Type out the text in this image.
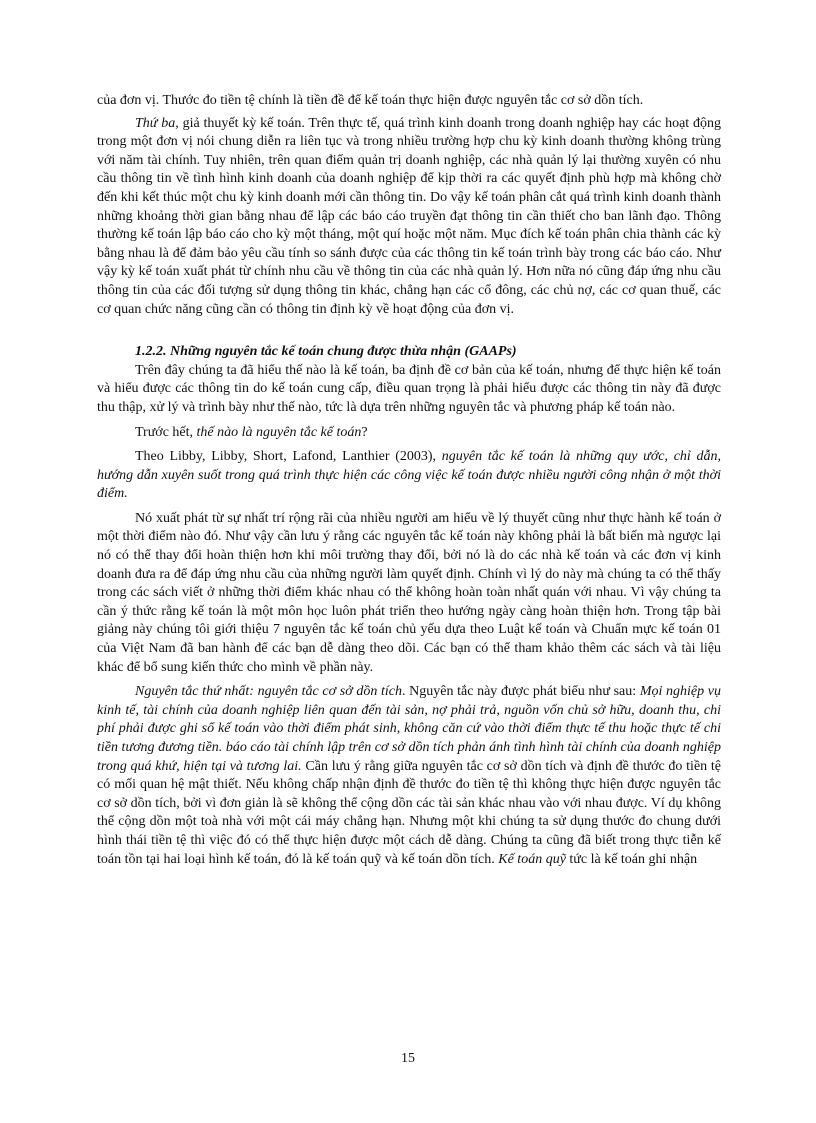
của đơn vị. Thước đo tiền tệ chính là tiền đề để kế toán thực hiện được nguyên tắc cơ sở dồn tích.

Thứ ba, giả thuyết kỳ kế toán. Trên thực tế, quá trình kinh doanh trong doanh nghiệp hay các hoạt động trong một đơn vị nói chung diễn ra liên tục và trong nhiều trường hợp chu kỳ kinh doanh thường không trùng với năm tài chính. Tuy nhiên, trên quan điểm quản trị doanh nghiệp, các nhà quản lý lại thường xuyên có nhu cầu thông tin về tình hình kinh doanh của doanh nghiệp để kịp thời ra các quyết định phù hợp mà không chờ đến khi kết thúc một chu kỳ kinh doanh mới cần thông tin. Do vậy kế toán phân cắt quá trình kinh doanh thành những khoảng thời gian bằng nhau để lập các báo cáo truyền đạt thông tin cần thiết cho ban lãnh đạo. Thông thường kế toán lập báo cáo cho kỳ một tháng, một quí hoặc một năm. Mục đích kế toán phân chia thành các kỳ bằng nhau là để đảm bảo yêu cầu tính so sánh được của các thông tin kế toán trình bày trong các báo cáo. Như vậy kỳ kế toán xuất phát từ chính nhu cầu về thông tin của các nhà quản lý. Hơn nữa nó cũng đáp ứng nhu cầu thông tin của các đối tượng sử dụng thông tin khác, chẳng hạn các cổ đông, các chủ nợ, các cơ quan thuế, các cơ quan chức năng cũng cần có thông tin định kỳ về hoạt động của đơn vị.

1.2.2. Những nguyên tắc kế toán chung được thừa nhận (GAAPs)

Trên đây chúng ta đã hiểu thế nào là kế toán, ba định đề cơ bản của kế toán, nhưng để thực hiện kế toán và hiểu được các thông tin do kế toán cung cấp, điều quan trọng là phải hiểu được các thông tin này đã được thu thập, xử lý và trình bày như thế nào, tức là dựa trên những nguyên tắc và phương pháp kế toán nào.

Trước hết, thế nào là nguyên tắc kế toán?

Theo Libby, Libby, Short, Lafond, Lanthier (2003), nguyên tắc kế toán là những quy ước, chỉ dẫn, hướng dẫn xuyên suốt trong quá trình thực hiện các công việc kế toán được nhiều người công nhận ở một thời điểm.

Nó xuất phát từ sự nhất trí rộng rãi của nhiều người am hiểu về lý thuyết cũng như thực hành kế toán ở một thời điểm nào đó. Như vậy cần lưu ý rằng các nguyên tắc kế toán này không phải là bất biến mà ngược lại nó có thể thay đổi hoàn thiện hơn khi môi trường thay đổi, bởi nó là do các nhà kế toán và các đơn vị kinh doanh đưa ra để đáp ứng nhu cầu của những người làm quyết định. Chính vì lý do này mà chúng ta có thể thấy trong các sách viết ở những thời điểm khác nhau có thể không hoàn toàn nhất quán với nhau. Vì vậy chúng ta cần ý thức rằng kế toán là một môn học luôn phát triển theo hướng ngày càng hoàn thiện hơn. Trong tập bài giảng này chúng tôi giới thiệu 7 nguyên tắc kế toán chủ yếu dựa theo Luật kế toán và Chuẩn mực kế toán 01 của Việt Nam đã ban hành để các bạn dễ dàng theo dõi. Các bạn có thể tham khảo thêm các sách và tài liệu khác để bổ sung kiến thức cho mình về phần này.

Nguyên tắc thứ nhất: nguyên tắc cơ sở dồn tích. Nguyên tắc này được phát biểu như sau: Mọi nghiệp vụ kinh tế, tài chính của doanh nghiệp liên quan đến tài sản, nợ phải trả, nguồn vốn chủ sở hữu, doanh thu, chi phí phải được ghi sổ kế toán vào thời điểm phát sinh, không căn cứ vào thời điểm thực tế thu hoặc thực tế chi tiền tương đương tiền. báo cáo tài chính lập trên cơ sở dồn tích phản ánh tình hình tài chính của doanh nghiệp trong quá khứ, hiện tại và tương lai. Cần lưu ý rằng giữa nguyên tắc cơ sở dồn tích và định đề thước đo tiền tệ có mối quan hệ mật thiết. Nếu không chấp nhận định đề thước đo tiền tệ thì không thực hiện được nguyên tắc cơ sở dồn tích, bởi vì đơn giản là sẽ không thể cộng dồn các tài sản khác nhau vào với nhau được. Ví dụ không thể cộng dồn một toà nhà với một cái máy chẳng hạn. Nhưng một khi chúng ta sử dụng thước đo chung dưới hình thái tiền tệ thì việc đó có thể thực hiện được một cách dễ dàng. Chúng ta cũng đã biết trong thực tiễn kế toán tồn tại hai loại hình kế toán, đó là kế toán quỹ và kế toán dồn tích. Kế toán quỹ tức là kế toán ghi nhận

15
